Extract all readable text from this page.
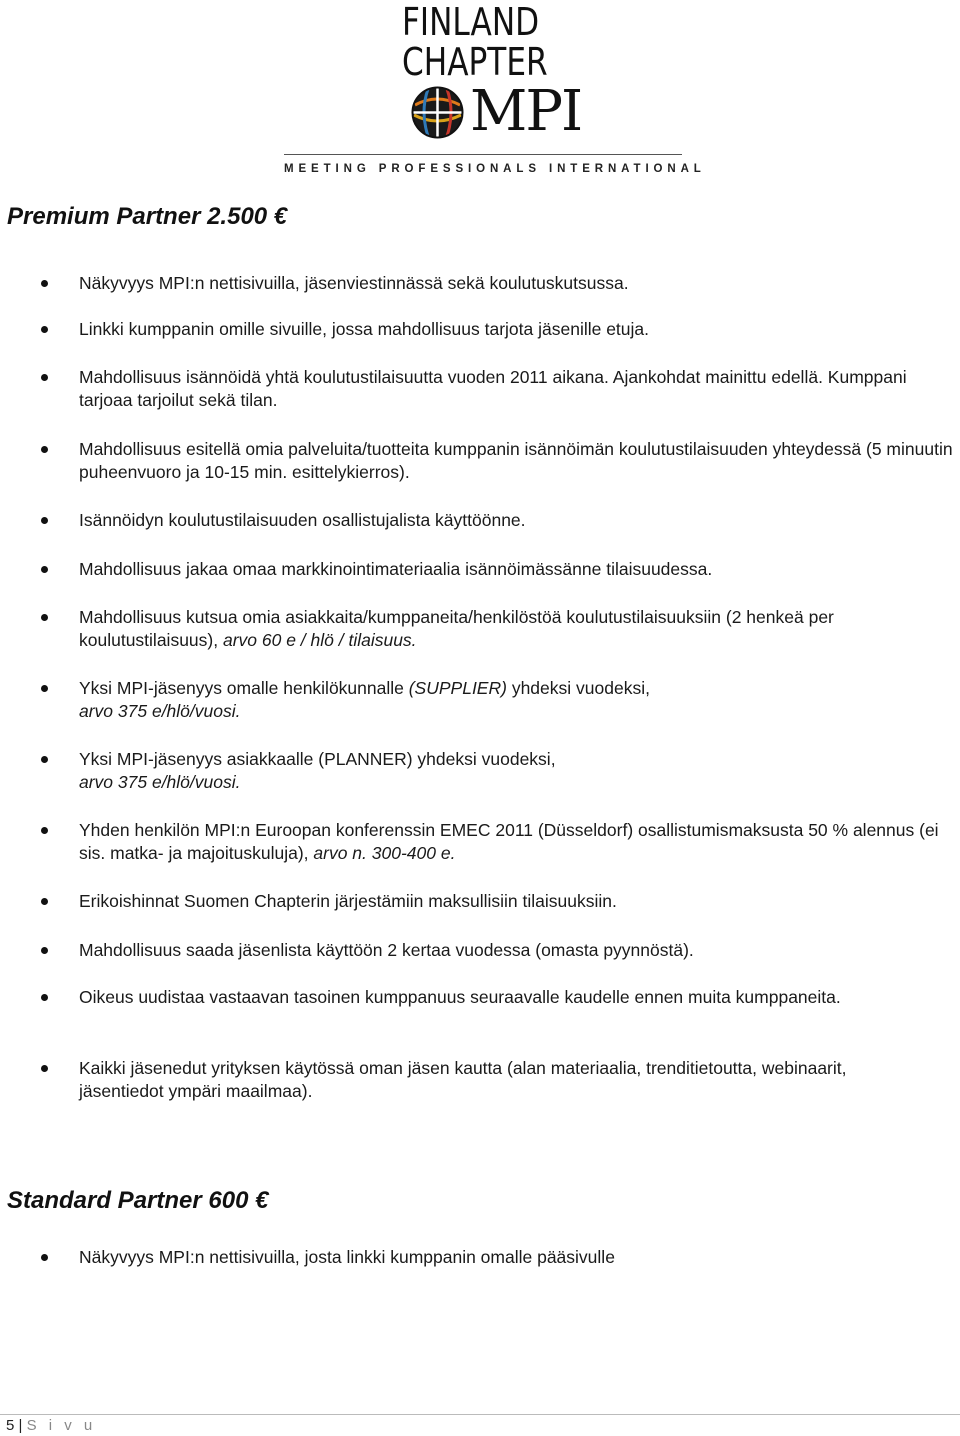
FINLAND
CHAPTER
MPI
MEETING PROFESSIONALS INTERNATIONAL
Premium Partner 2.500 €

Näkyvyys MPI:n nettisivuilla, jäsenviestinnässä sekä koulutuskutsussa.

Linkki kumppanin omille sivuille, jossa mahdollisuus tarjota jäsenille etuja.

Mahdollisuus isännöidä yhtä koulutustilaisuutta vuoden 2011 aikana. Ajankohdat mainittu edellä. Kumppani tarjoaa tarjoilut sekä tilan.

Mahdollisuus esitellä omia palveluita/tuotteita kumppanin isännöimän koulutustilaisuuden yhteydessä (5 minuutin puheenvuoro ja 10-15 min. esittelykierros).

Isännöidyn koulutustilaisuuden osallistujalista käyttöönne.

Mahdollisuus jakaa omaa markkinointimateriaalia isännöimässänne tilaisuudessa.

Mahdollisuus kutsua omia asiakkaita/kumppaneita/henkilöstöä koulutustilaisuuksiin (2 henkeä per koulutustilaisuus), arvo 60 e / hlö / tilaisuus.

Yksi MPI-jäsenyys omalle henkilökunnalle (SUPPLIER) yhdeksi vuodeksi,
arvo 375 e/hlö/vuosi.

Yksi MPI-jäsenyys asiakkaalle (PLANNER) yhdeksi vuodeksi,
arvo 375 e/hlö/vuosi.

Yhden henkilön MPI:n Euroopan konferenssin EMEC 2011 (Düsseldorf) osallistumismaksusta 50 % alennus (ei sis. matka- ja majoituskuluja), arvo n. 300-400 e.

Erikoishinnat Suomen Chapterin järjestämiin maksullisiin tilaisuuksiin.

Mahdollisuus saada jäsenlista käyttöön 2 kertaa vuodessa (omasta pyynnöstä).

Oikeus uudistaa vastaavan tasoinen kumppanuus seuraavalle kaudelle ennen muita kumppaneita.

Kaikki jäsenedut yrityksen käytössä oman jäsen kautta (alan materiaalia, trenditietoutta, webinaarit, jäsentiedot ympäri maailmaa).

Standard Partner 600 €

Näkyvyys MPI:n nettisivuilla, josta linkki kumppanin omalle pääsivulle

5 | S i v u
